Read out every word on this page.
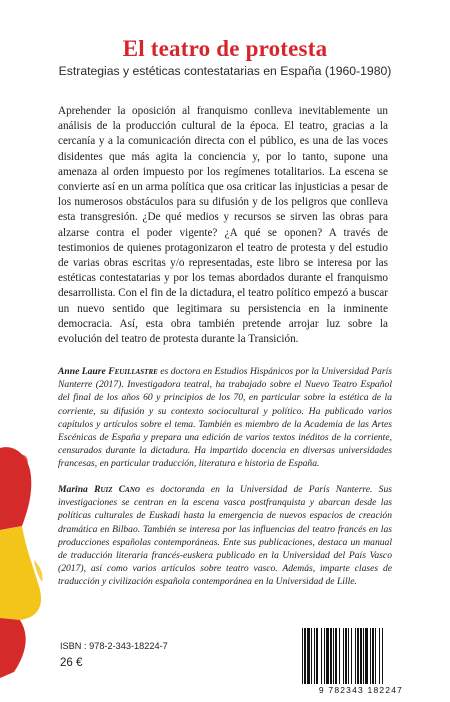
El teatro de protesta
Estrategias y estéticas contestatarias en España (1960-1980)

Aprehender la oposición al franquismo conlleva inevitablemente un análisis de la producción cultural de la época. El teatro, gracias a la cercanía y a la comunicación directa con el público, es una de las voces disidentes que más agita la conciencia y, por lo tanto, supone una amenaza al orden impuesto por los regímenes totalitarios. La escena se convierte así en un arma política que osa criticar las injusticias a pesar de los numerosos obstáculos para su difusión y de los peligros que conlleva esta transgresión. ¿De qué medios y recursos se sirven las obras para alzarse contra el poder vigente? ¿A qué se oponen? A través de testimonios de quienes protagonizaron el teatro de protesta y del estudio de varias obras escritas y/o representadas, este libro se interesa por las estéticas contestatarias y por los temas abordados durante el franquismo desarrollista. Con el fin de la dictadura, el teatro político empezó a buscar un nuevo sentido que legitimara su persistencia en la inminente democracia. Así, esta obra también pretende arrojar luz sobre la evolución del teatro de protesta durante la Transición.

Anne Laure Feuillastre es doctora en Estudios Hispánicos por la Universidad París Nanterre (2017). Investigadora teatral, ha trabajado sobre el Nuevo Teatro Español del final de los años 60 y principios de los 70, en particular sobre la estética de la corriente, su difusión y su contexto sociocultural y político. Ha publicado varios capítulos y artículos sobre el tema. También es miembro de la Academia de las Artes Escénicas de España y prepara una edición de varios textos inéditos de la corriente, censurados durante la dictadura. Ha impartido docencia en diversas universidades francesas, en particular traducción, literatura e historia de España.

Marina Ruiz Cano es doctoranda en la Universidad de París Nanterre. Sus investigaciones se centran en la escena vasca postfranquista y abarcan desde las políticas culturales de Euskadi hasta la emergencia de nuevos espacios de creación dramática en Bilbao. También se interesa por las influencias del teatro francés en las producciones españolas contemporáneas. Ente sus publicaciones, destaca un manual de traducción literaria francés-euskera publicado en la Universidad del País Vasco (2017), así como varios artículos sobre teatro vasco. Además, imparte clases de traducción y civilización española contemporánea en la Universidad de Lille.

ISBN : 978-2-343-18224-7
26 €
9 782343 182247
